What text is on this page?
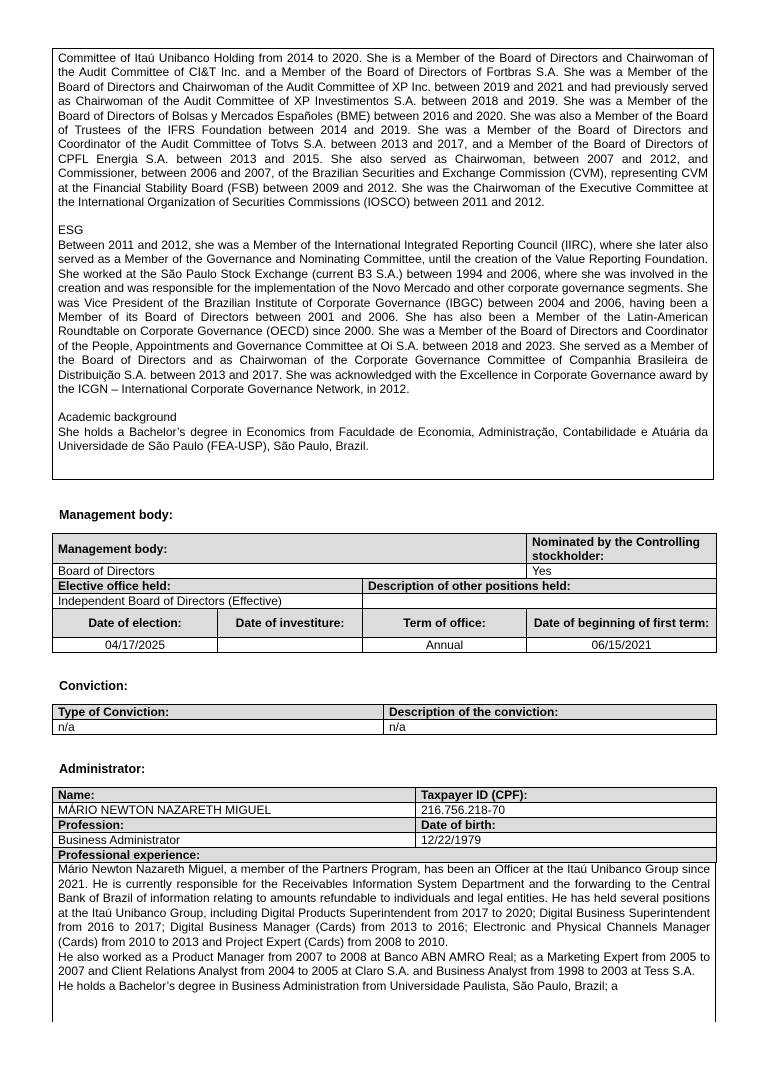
Committee of Itaú Unibanco Holding from 2014 to 2020. She is a Member of the Board of Directors and Chairwoman of the Audit Committee of CI&T Inc. and a Member of the Board of Directors of Fortbras S.A. She was a Member of the Board of Directors and Chairwoman of the Audit Committee of XP Inc. between 2019 and 2021 and had previously served as Chairwoman of the Audit Committee of XP Investimentos S.A. between 2018 and 2019. She was a Member of the Board of Directors of Bolsas y Mercados Españoles (BME) between 2016 and 2020. She was also a Member of the Board of Trustees of the IFRS Foundation between 2014 and 2019. She was a Member of the Board of Directors and Coordinator of the Audit Committee of Totvs S.A. between 2013 and 2017, and a Member of the Board of Directors of CPFL Energia S.A. between 2013 and 2015. She also served as Chairwoman, between 2007 and 2012, and Commissioner, between 2006 and 2007, of the Brazilian Securities and Exchange Commission (CVM), representing CVM at the Financial Stability Board (FSB) between 2009 and 2012. She was the Chairwoman of the Executive Committee at the International Organization of Securities Commissions (IOSCO) between 2011 and 2012.

ESG

Between 2011 and 2012, she was a Member of the International Integrated Reporting Council (IIRC), where she later also served as a Member of the Governance and Nominating Committee, until the creation of the Value Reporting Foundation. She worked at the São Paulo Stock Exchange (current B3 S.A.) between 1994 and 2006, where she was involved in the creation and was responsible for the implementation of the Novo Mercado and other corporate governance segments. She was Vice President of the Brazilian Institute of Corporate Governance (IBGC) between 2004 and 2006, having been a Member of its Board of Directors between 2001 and 2006. She has also been a Member of the Latin-American Roundtable on Corporate Governance (OECD) since 2000. She was a Member of the Board of Directors and Coordinator of the People, Appointments and Governance Committee at Oi S.A. between 2018 and 2023. She served as a Member of the Board of Directors and as Chairwoman of the Corporate Governance Committee of Companhia Brasileira de Distribuição S.A. between 2013 and 2017. She was acknowledged with the Excellence in Corporate Governance award by the ICGN – International Corporate Governance Network, in 2012.

Academic background

She holds a Bachelor’s degree in Economics from Faculdade de Economia, Administração, Contabilidade e Atuária da Universidade de São Paulo (FEA-USP), São Paulo, Brazil.

Management body:
Management body:			Nominated by the Controlling stockholder:
Board of Directors			Yes
Elective office held:		Description of other positions held:	
Independent Board of Directors (Effective)			
Date of election:	Date of investiture:	Term of office:	Date of beginning of first term:
04/17/2025		Annual	06/15/2021
Conviction:
Type of Conviction:	Description of the conviction:
n/a	n/a
Administrator:
Name:	Taxpayer ID (CPF):
MÁRIO NEWTON NAZARETH MIGUEL	216.756.218-70
Profession:	Date of birth:
Business Administrator	12/22/1979
Professional experience:	

Mário Newton Nazareth Miguel, a member of the Partners Program, has been an Officer at the Itaú Unibanco Group since 2021. He is currently responsible for the Receivables Information System Department and the forwarding to the Central Bank of Brazil of information relating to amounts refundable to individuals and legal entities. He has held several positions at the Itaú Unibanco Group, including Digital Products Superintendent from 2017 to 2020; Digital Business Superintendent from 2016 to 2017; Digital Business Manager (Cards) from 2013 to 2016; Electronic and Physical Channels Manager (Cards) from 2010 to 2013 and Project Expert (Cards) from 2008 to 2010.

He also worked as a Product Manager from 2007 to 2008 at Banco ABN AMRO Real; as a Marketing Expert from 2005 to 2007 and Client Relations Analyst from 2004 to 2005 at Claro S.A. and Business Analyst from 1998 to 2003 at Tess S.A.

He holds a Bachelor’s degree in Business Administration from Universidade Paulista, São Paulo, Brazil; a
